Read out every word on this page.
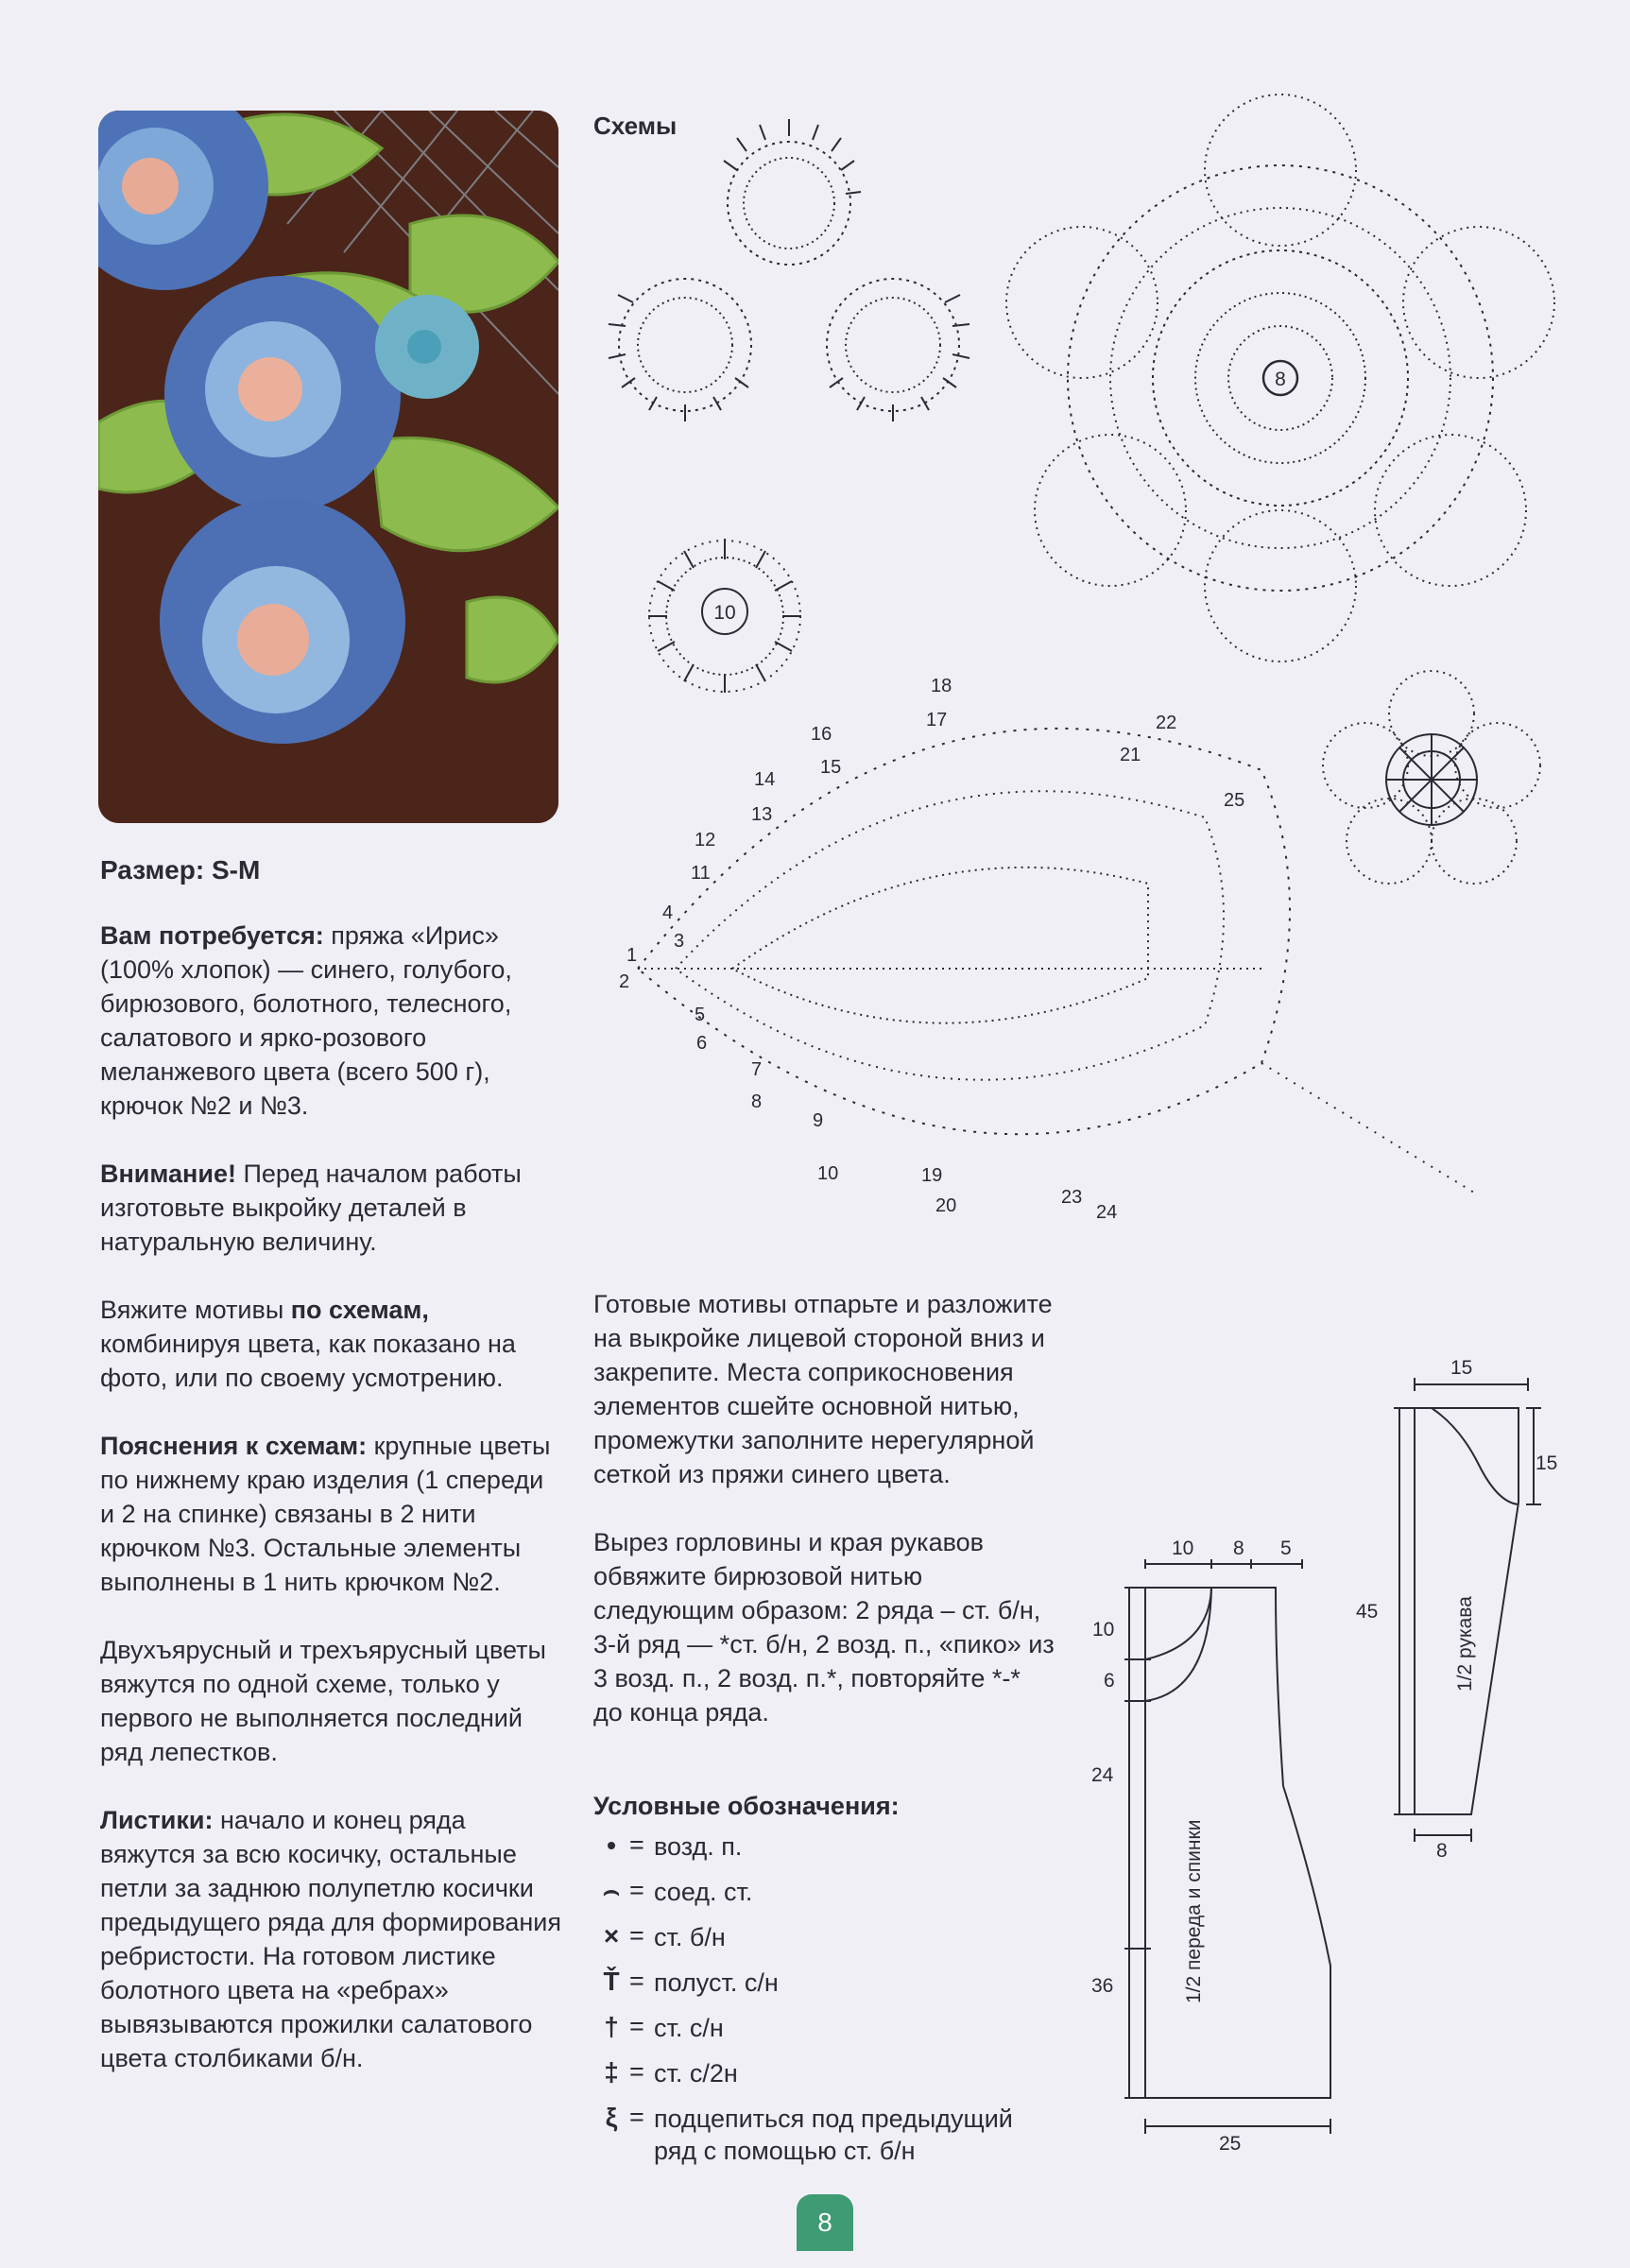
Схемы
8
10
1
2
3
4
5
6
7
8
9
10
11
12
13
14
15
16
17
18
19
20
21
22
23
24
25
Размер: S-M

Вам потребуется: пряжа «Ирис» (100% хлопок) — синего, голубого, бирюзового, болотного, телесного, салатового и ярко-розового меланжевого цвета (всего 500 г), крючок №2 и №3.

Внимание! Перед началом работы изготовьте выкройку деталей в натуральную величину.

Вяжите мотивы по схемам, комбинируя цвета, как показано на фото, или по своему усмотрению.

Пояснения к схемам: крупные цветы по нижнему краю изделия (1 спереди и 2 на спинке) связаны в 2 нити крючком №3. Остальные элементы выполнены в 1 нить крючком №2.

Двухъярусный и трехъярусный цветы вяжутся по одной схеме, только у первого не выполняется последний ряд лепестков.

Листики: начало и конец ряда вяжутся за всю косичку, остальные петли за заднюю полупетлю косички предыдущего ряда для формирования ребристости. На готовом листике болотного цвета на «ребрах» вывязываются прожилки салатового цвета столбиками б/н.

Готовые мотивы отпарьте и разложите на выкройке лицевой стороной вниз и закрепите. Места соприкосновения элементов сшейте основной нитью, промежутки заполните нерегулярной сеткой из пряжи синего цвета.

Вырез горловины и края рукавов обвяжите бирюзовой нитью следующим образом: 2 ряда – ст. б/н, 3-й ряд — *ст. б/н, 2 возд. п., «пико» из 3 возд. п., 2 возд. п.*, повторяйте *-* до конца ряда.

Условные обозначения:
• = возд. п.
⌢ = соед. ст.
× = ст. б/н
Ť = полуст. с/н
† = ст. с/н
‡ = ст. с/2н
ξ = подцепиться под предыдущий ряд с помощью ст. б/н
10 8 5
10
6
24
36
25
1/2 переда и спинки
15
15
45
8
1/2 рукава
8
